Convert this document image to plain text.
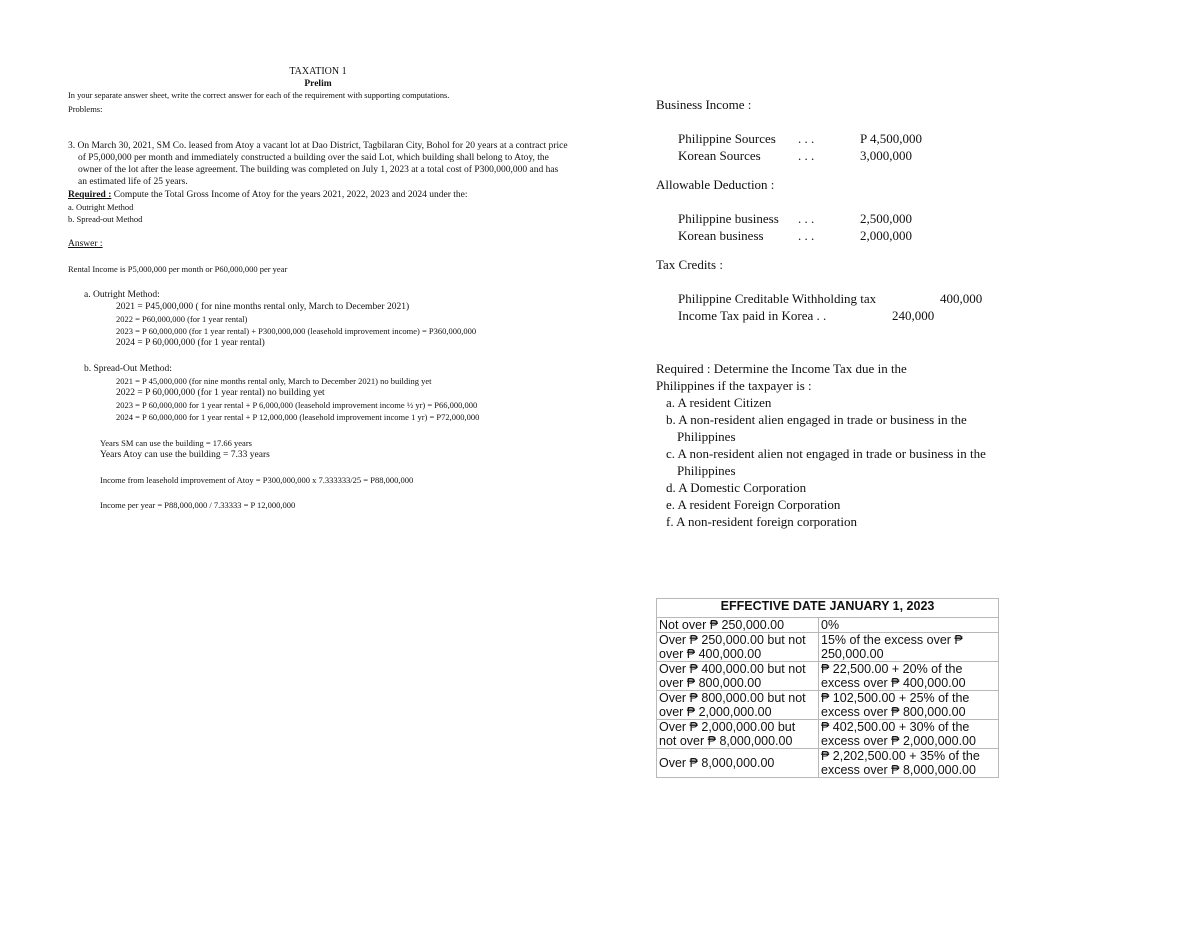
TAXATION 1
Prelim
In your separate answer sheet, write the correct answer for each of the requirement with supporting computations.
Problems:
3. On March 30, 2021, SM Co. leased from Atoy a vacant lot at Dao District, Tagbilaran City, Bohol for 20 years at a contract price of P5,000,000 per month and immediately constructed a building over the said Lot, which building shall belong to Atoy, the owner of the lot after the lease agreement. The building was completed on July 1, 2023 at a total cost of P300,000,000 and has an estimated life of 25 years.
Required : Compute the Total Gross Income of Atoy for the years 2021, 2022, 2023 and 2024 under the:
a. Outright Method
b. Spread-out Method
Answer :
Rental Income is P5,000,000 per month or P60,000,000 per year
a. Outright Method:
2021 = P45,000,000 ( for nine months rental only, March to December 2021)
2022 = P60,000,000 (for 1 year rental)
2023 = P 60,000,000 (for 1 year rental) + P300,000,000 (leasehold improvement income) = P360,000,000
2024 = P 60,000,000 (for 1 year rental)
b. Spread-Out Method:
2021 = P 45,000,000 (for nine months rental only, March to December 2021) no building yet
2022 = P 60,000,000 (for 1 year rental) no building yet
2023 = P 60,000,000 for 1 year rental + P 6,000,000 (leasehold improvement income ½ yr) = P66,000,000
2024 = P 60,000,000 for 1 year rental + P 12,000,000 (leasehold improvement income 1 yr) = P72,000,000
Years SM can use the building = 17.66 years
Years Atoy can use the building = 7.33 years
Income from leasehold improvement of Atoy = P300,000,000 x 7.333333/25 = P88,000,000
Income per year = P88,000,000 / 7.33333 = P 12,000,000
Business Income :
Philippine Sources	. . .	P 4,500,000
Korean Sources	. . .	3,000,000
Allowable Deduction :
Philippine business	. . .	2,500,000
Korean business	. . .	2,000,000
Tax Credits :
Philippine Creditable Withholding tax	400,000
Income Tax paid in Korea . .	240,000
Required : Determine the Income Tax due in the Philippines if the taxpayer is :
a. A resident Citizen
b. A non-resident alien engaged in trade or business in the Philippines
c. A non-resident alien not engaged in trade or business in the Philippines
d. A Domestic Corporation
e. A resident Foreign Corporation
f. A non-resident foreign corporation
EFFECTIVE DATE JANUARY 1, 2023	
Not over ₱ 250,000.00	0%
Over ₱ 250,000.00 but not over ₱ 400,000.00	15% of the excess over ₱ 250,000.00
Over ₱ 400,000.00 but not over ₱ 800,000.00	₱ 22,500.00 + 20% of the excess over ₱ 400,000.00
Over ₱ 800,000.00 but not over ₱ 2,000,000.00	₱ 102,500.00 + 25% of the excess over ₱ 800,000.00
Over ₱ 2,000,000.00 but not over ₱ 8,000,000.00	₱ 402,500.00 + 30% of the excess over ₱ 2,000,000.00
Over ₱ 8,000,000.00	₱ 2,202,500.00 + 35% of the excess over ₱ 8,000,000.00
